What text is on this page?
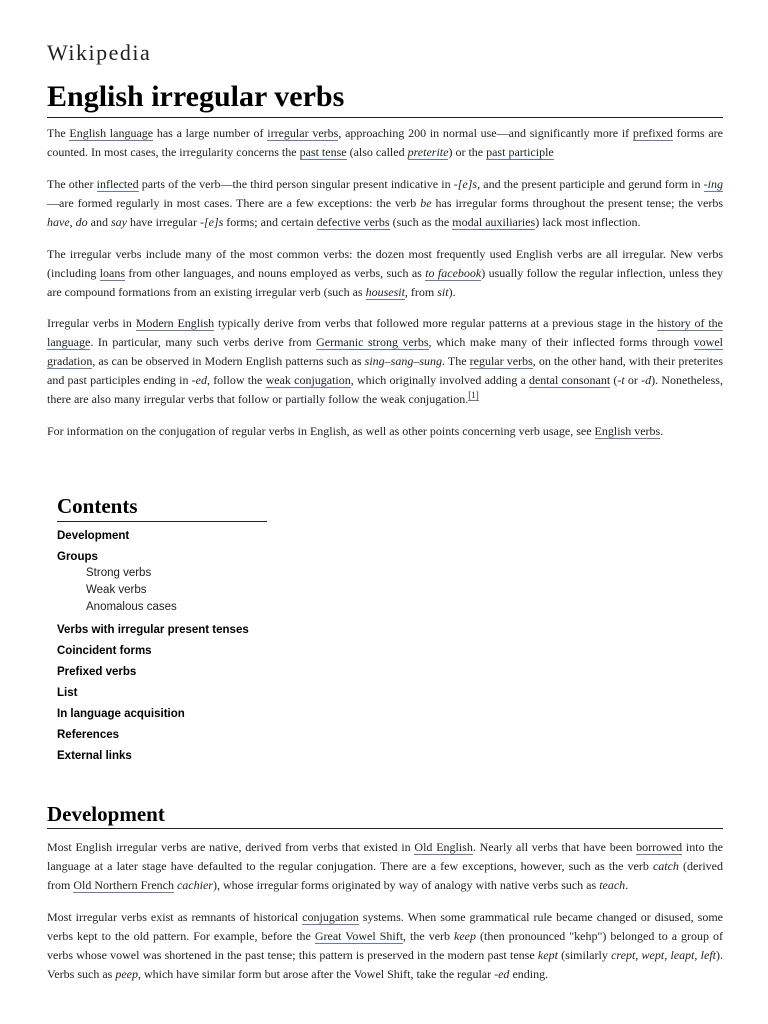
Wikipedia
English irregular verbs

The English language has a large number of irregular verbs, approaching 200 in normal use—and significantly more if prefixed forms are counted. In most cases, the irregularity concerns the past tense (also called preterite) or the past participle

The other inflected parts of the verb—the third person singular present indicative in -[e]s, and the present participle and gerund form in -ing—are formed regularly in most cases. There are a few exceptions: the verb be has irregular forms throughout the present tense; the verbs have, do and say have irregular -[e]s forms; and certain defective verbs (such as the modal auxiliaries) lack most inflection.

The irregular verbs include many of the most common verbs: the dozen most frequently used English verbs are all irregular. New verbs (including loans from other languages, and nouns employed as verbs, such as to facebook) usually follow the regular inflection, unless they are compound formations from an existing irregular verb (such as housesit, from sit).

Irregular verbs in Modern English typically derive from verbs that followed more regular patterns at a previous stage in the history of the language. In particular, many such verbs derive from Germanic strong verbs, which make many of their inflected forms through vowel gradation, as can be observed in Modern English patterns such as sing–sang–sung. The regular verbs, on the other hand, with their preterites and past participles ending in -ed, follow the weak conjugation, which originally involved adding a dental consonant (-t or -d). Nonetheless, there are also many irregular verbs that follow or partially follow the weak conjugation.[1]

For information on the conjugation of regular verbs in English, as well as other points concerning verb usage, see English verbs.

Contents
Development
Groups
Strong verbs
Weak verbs
Anomalous cases
Verbs with irregular present tenses
Coincident forms
Prefixed verbs
List
In language acquisition
References
External links
Development

Most English irregular verbs are native, derived from verbs that existed in Old English. Nearly all verbs that have been borrowed into the language at a later stage have defaulted to the regular conjugation. There are a few exceptions, however, such as the verb catch (derived from Old Northern French cachier), whose irregular forms originated by way of analogy with native verbs such as teach.

Most irregular verbs exist as remnants of historical conjugation systems. When some grammatical rule became changed or disused, some verbs kept to the old pattern. For example, before the Great Vowel Shift, the verb keep (then pronounced "kehp") belonged to a group of verbs whose vowel was shortened in the past tense; this pattern is preserved in the modern past tense kept (similarly crept, wept, leapt, left). Verbs such as peep, which have similar form but arose after the Vowel Shift, take the regular -ed ending.
